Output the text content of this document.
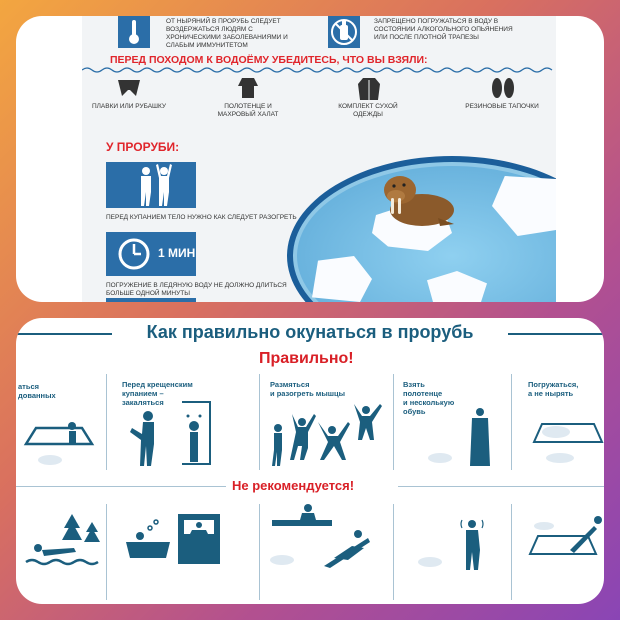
ОТ НЫРЯНИЙ В ПРОРУБЬ СЛЕДУЕТ ВОЗДЕРЖАТЬСЯ ЛЮДЯМ С ХРОНИЧЕСКИМИ ЗАБОЛЕВАНИЯМИ И СЛАБЫМ ИММУНИТЕТОМ
ЗАПРЕЩЕНО ПОГРУЖАТЬСЯ В ВОДУ В СОСТОЯНИИ АЛКОГОЛЬНОГО ОПЬЯНЕНИЯ ИЛИ ПОСЛЕ ПЛОТНОЙ ТРАПЕЗЫ
ПЕРЕД ПОХОДОМ К ВОДОЁМУ УБЕДИТЕСЬ, ЧТО ВЫ ВЗЯЛИ:
ПЛАВКИ ИЛИ РУБАШКУ	ПОЛОТЕНЦЕ И МАХРОВЫЙ ХАЛАТ
КОМПЛЕКТ СУХОЙ ОДЕЖДЫ
РЕЗИНОВЫЕ ТАПОЧКИ
У ПРОРУБИ:
ПЕРЕД КУПАНИЕМ ТЕЛО НУЖНО КАК СЛЕДУЕТ РАЗОГРЕТЬ
1 МИН
ПОГРУЖЕНИЕ В ЛЕДЯНУЮ ВОДУ НЕ ДОЛЖНО ДЛИТЬСЯ БОЛЬШЕ ОДНОЙ МИНУТЫ
Как правильно окунаться в прорубь
Правильно!
аться
дованных
Перед крещенским
купанием –
закаляться
Размяться
и разогреть мышцы
Взять
полотенце
и несколькую
обувь
Погружаться,
а не нырять
Не рекомендуется!
